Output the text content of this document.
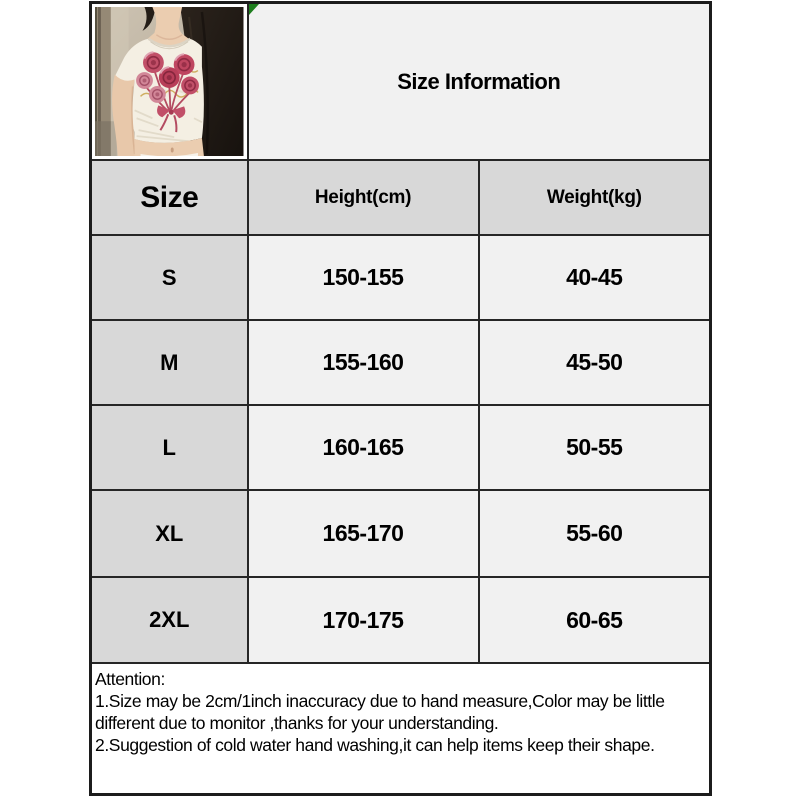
Size Information	
Size	Height(cm)	Weight(kg)
S	150-155	40-45
M	155-160	45-50
L	160-165	50-55
XL	165-170	55-60
2XL	170-175	60-65

Attention:
1.Size may be 2cm/1inch inaccuracy due to hand measure,Color may be little
different due to monitor ,thanks for your understanding.
2.Suggestion of cold water hand washing,it can help items keep their shape.		
